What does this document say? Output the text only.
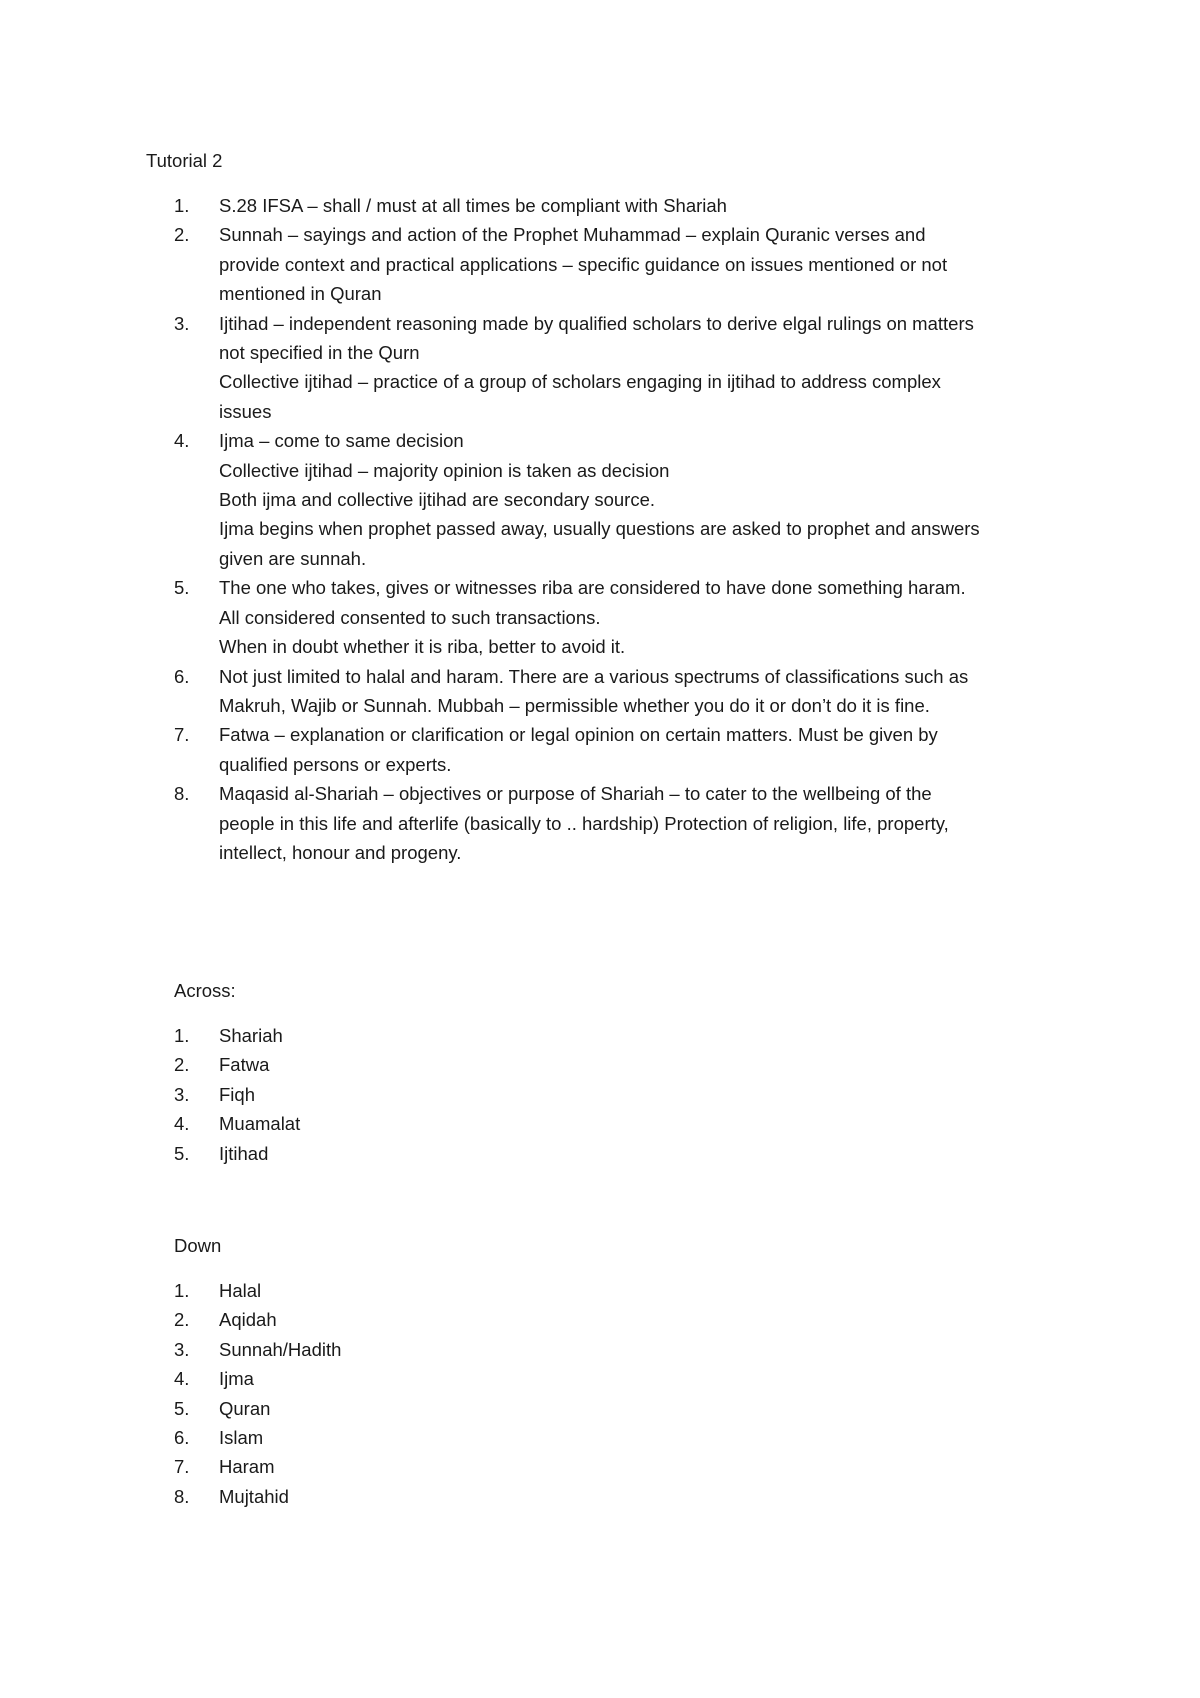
Tutorial 2
1.	S.28 IFSA – shall / must at all times be compliant with Shariah
2.	Sunnah – sayings and action of the Prophet Muhammad – explain Quranic verses and
provide context and practical applications – specific guidance on issues mentioned or not
mentioned in Quran
3.	Ijtihad – independent reasoning made by qualified scholars to derive elgal rulings on matters
not specified in the Qurn
Collective ijtihad – practice of a group of scholars engaging in ijtihad to address complex
issues
4.	Ijma – come to same decision
Collective ijtihad – majority opinion is taken as decision
Both ijma and collective ijtihad are secondary source.
Ijma begins when prophet passed away, usually questions are asked to prophet and answers
given are sunnah.
5.	The one who takes, gives or witnesses riba are considered to have done something haram.
All considered consented to such transactions.
When in doubt whether it is riba, better to avoid it.
6.	Not just limited to halal and haram. There are a various spectrums of classifications such as
Makruh, Wajib or Sunnah. Mubbah – permissible whether you do it or don’t do it is fine.
7.	Fatwa – explanation or clarification or legal opinion on certain matters. Must be given by
qualified persons or experts.
8.	Maqasid al-Shariah – objectives or purpose of Shariah – to cater to the wellbeing of the
people in this life and afterlife (basically to .. hardship) Protection of religion, life, property,
intellect, honour and progeny.
Across:
1.	Shariah
2.	Fatwa
3.	Fiqh
4.	Muamalat
5.	Ijtihad
Down
1.	Halal
2.	Aqidah
3.	Sunnah/Hadith
4.	Ijma
5.	Quran
6.	Islam
7.	Haram
8.	Mujtahid
